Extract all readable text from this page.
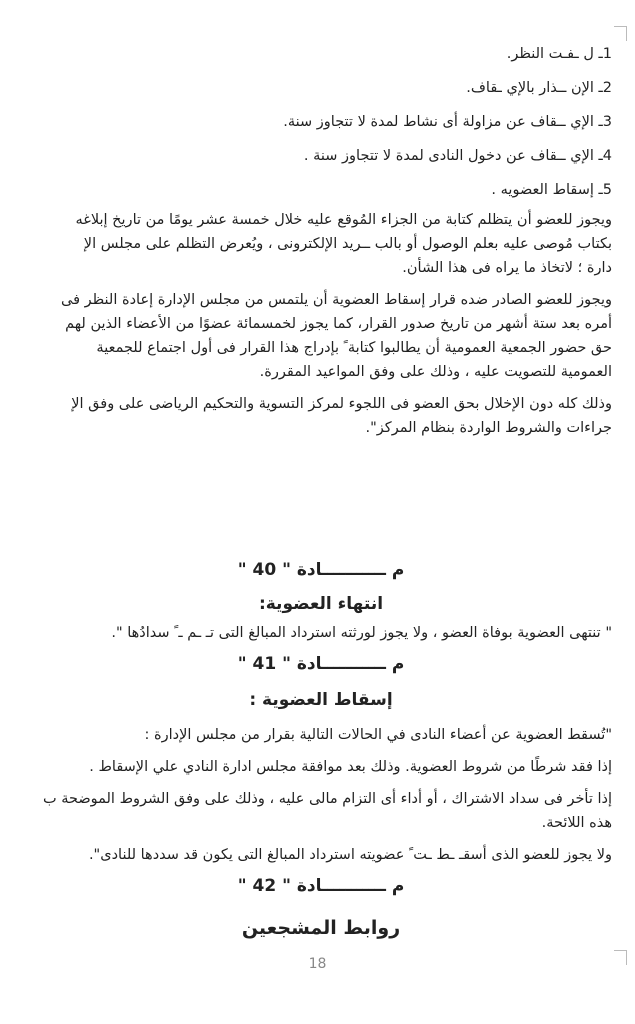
1ـ ل ـفـت النظر.
2ـ الإن ــذار بالإي ـقاف.
3ـ الإي ــقاف عن مزاولة أى نشاط لمدة لا تتجاوز سنة.
4ـ الإي ــقاف عن دخول النادى لمدة لا تتجاوز سنة .
5ـ إسقاط العضويه .
ويجوز للعضو أن يتظلم كتابة من الجزاء المُوقع عليه خلال خمسة عشر يومًا من تاريخ إبلاغه
بكتاب مُوصى عليه بعلم الوصول أو بالب ــريد الإلكترونى ، ويُعرض التظلم على مجلس الإ
دارة ؛ لاتخاذ ما يراه فى هذا الشأن.
ويجوز للعضو الصادر ضده قرار إسقاط العضوية أن يلتمس من مجلس الإدارة إعادة النظر فى
أمره بعد ستة أشهر من تاريخ صدور القرار، كما يجوز لخمسمائة عضوًا من الأعضاء الذين لهم
حق حضور الجمعية العمومية أن يطالبوا كتابة ً بإدراج هذا القرار فى أول اجتماع للجمعية
العمومية للتصويت عليه ، وذلك على وفق المواعيد المقررة.
وذلك كله دون الإخلال بحق العضو فى اللجوء لمركز التسوية والتحكيم الرياضى على وفق الإ
جراءات والشروط الواردة بنظام المركز".
م ـــــــــــادة " 40 "
انتهاء العضوية:
" تنتهى العضوية بوفاة العضو ، ولا يجوز لورثته استرداد المبالغ التى تـ ـم ـ ً سدادُها ".
م ـــــــــــادة " 41 "
إسقاط العضوية :
"تُسقط العضوية عن أعضاء النادى في الحالات التالية بقرار من مجلس الإدارة :
إذا فقد شرطًا من شروط العضوية. وذلك بعد موافقة مجلس ادارة النادي علي الإسقاط .
إذا تأخر فى سداد الاشتراك ، أو أداء أى التزام مالى عليه ، وذلك على وفق الشروط الموضحة ب
هذه اللائحة.
ولا يجوز للعضو الذى أسقـ ـط ـت ً عضويته استرداد المبالغ التى يكون قد سددها للنادى".
م ـــــــــــادة " 42 "
روابط المشجعين
18
